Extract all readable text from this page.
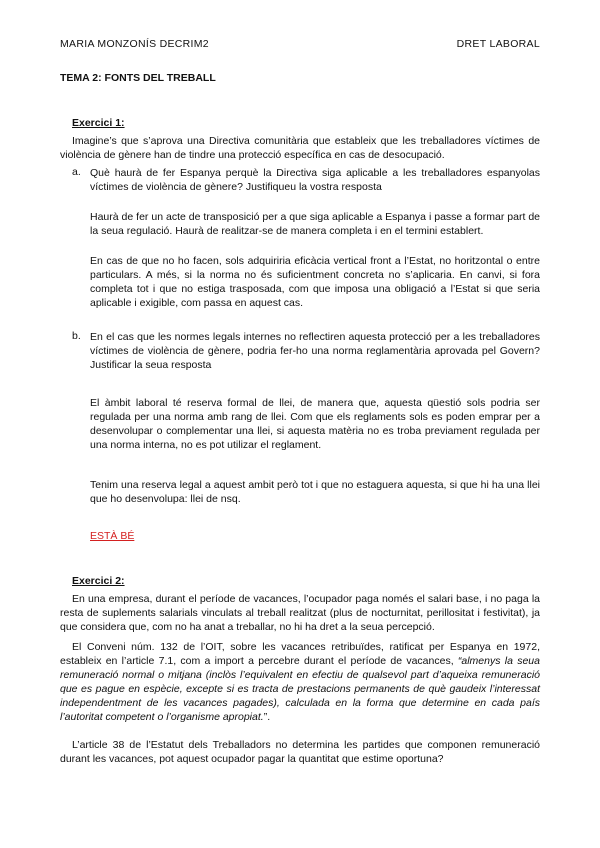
MARIA MONZONÍS DECRIM2	DRET LABORAL
TEMA 2: FONTS DEL TREBALL
Exercici 1:
Imagine’s que s’aprova una Directiva comunitària que estableix que les treballadores víctimes de violència de gènere han de tindre una protecció específica en cas de desocupació.
a. Què haurà de fer Espanya perquè la Directiva siga aplicable a les treballadores espanyolas víctimes de violència de gènere? Justifiqueu la vostra resposta
Haurà de fer un acte de transposició per a que siga aplicable a Espanya i passe a formar part de la seua regulació. Haurà de realitzar-se de manera completa i en el termini establert.
En cas de que no ho facen, sols adquiriria eficàcia vertical front a l’Estat, no horitzontal o entre particulars. A més, si la norma no és suficientment concreta no s’aplicaria. En canvi, si fora completa tot i que no estiga trasposada, com que imposa una obligació a l’Estat si que seria aplicable i exigible, com passa en aquest cas.
b. En el cas que les normes legals internes no reflectiren aquesta protecció per a les treballadores víctimes de violència de gènere, podria fer-ho una norma reglamentària aprovada pel Govern? Justificar la seua resposta
El àmbit laboral té reserva formal de llei, de manera que, aquesta qüestió sols podria ser regulada per una norma amb rang de llei. Com que els reglaments sols es poden emprar per a desenvolupar o complementar una llei, si aquesta matèria no es troba previament regulada per una norma interna, no es pot utilizar el reglament.
Tenim una reserva legal a aquest ambit però tot i que no estaguera aquesta, si que hi ha una llei que ho desenvolupa: llei de nsq.
ESTÀ BÉ
Exercici 2:
En una empresa, durant el període de vacances, l’ocupador paga només el salari base, i no paga la resta de suplements salarials vinculats al treball realitzat (plus de nocturnitat, perillositat i festivitat), ja que considera que, com no ha anat a treballar, no hi ha dret a la seua percepció.
El Conveni núm. 132 de l’OIT, sobre les vacances retribuïdes, ratificat per Espanya en 1972, estableix en l’article 7.1, com a import a percebre durant el període de vacances, “almenys la seua remuneració normal o mitjana (inclòs l’equivalent en efectiu de qualsevol part d’aqueixa remuneració que es pague en espècie, excepte si es tracta de prestacions permanents de què gaudeix l’interessat independentment de les vacances pagades), calculada en la forma que determine en cada país l’autoritat competent o l’organisme apropiat.”.
L’article 38 de l’Estatut dels Treballadors no determina les partides que componen remuneració durant les vacances, pot aquest ocupador pagar la quantitat que estime oportuna?
